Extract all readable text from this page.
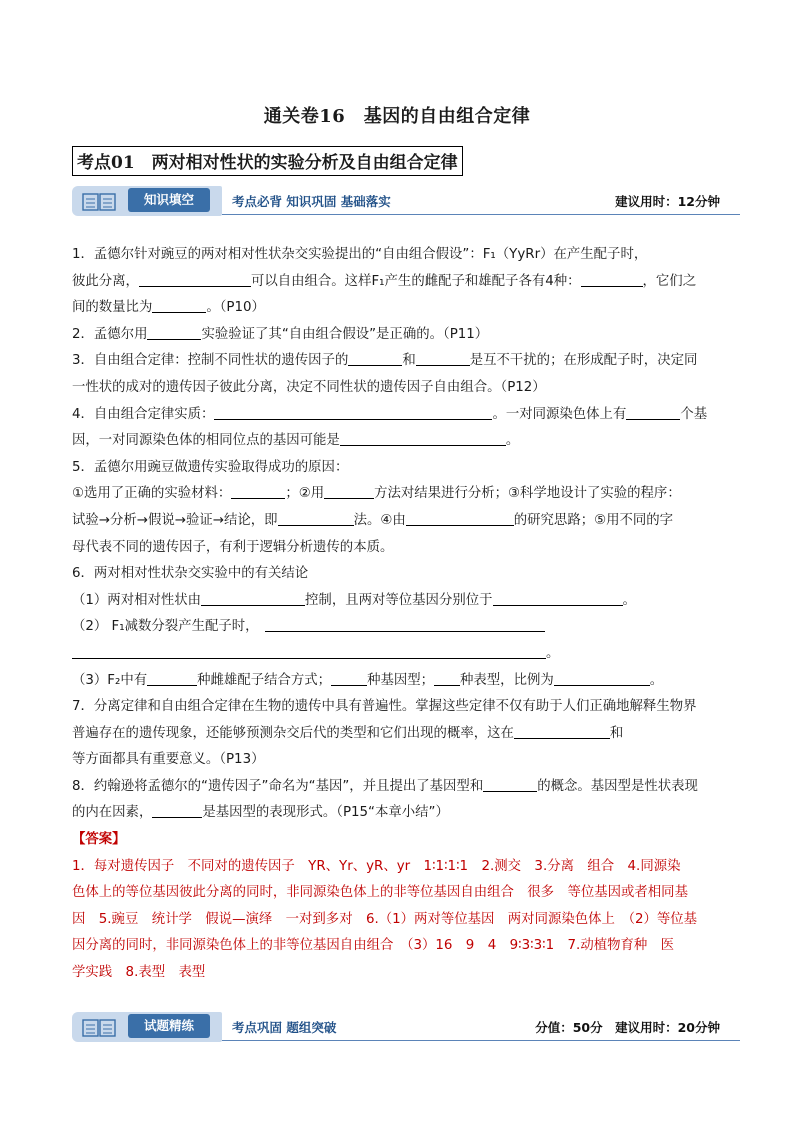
通关卷16　基因的自由组合定律
考点01　两对相对性状的实验分析及自由组合定律
知识填空	考点必背 知识巩固 基础落实	建议用时：12分钟

1．孟德尔针对豌豆的两对相对性状杂交实验提出的“自由组合假设”：F₁（YyRr）在产生配子时，

彼此分离，	可以自由组合。这样F₁产生的雌配子和雄配子各有4种：	，它们之

间的数量比为	。（P10）

2．孟德尔用	实验验证了其“自由组合假设”是正确的。（P11）

3．自由组合定律：控制不同性状的遗传因子的	和	是互不干扰的；在形成配子时，决定同

一性状的成对的遗传因子彼此分离，决定不同性状的遗传因子自由组合。（P12）

4．自由组合定律实质：	。一对同源染色体上有	个基

因，一对同源染色体的相同位点的基因可能是	。

5．孟德尔用豌豆做遗传实验取得成功的原因：

①选用了正确的实验材料：	；②用	方法对结果进行分析；③科学地设计了实验的程序：

试验→分析→假说→验证→结论，即	法。④由	的研究思路；⑤用不同的字

母代表不同的遗传因子，有利于逻辑分析遗传的本质。

6．两对相对性状杂交实验中的有关结论

（1）两对相对性状由	控制，且两对等位基因分别位于	。

（2） F₁减数分裂产生配子时，

。

（3）F₂中有	种雌雄配子结合方式；	种基因型； 种表型，比例为	。

7．分离定律和自由组合定律在生物的遗传中具有普遍性。掌握这些定律不仅有助于人们正确地解释生物界

普遍存在的遗传现象，还能够预测杂交后代的类型和它们出现的概率，这在	和

等方面都具有重要意义。（P13）

8．约翰逊将孟德尔的“遗传因子”命名为“基因”，并且提出了基因型和	的概念。基因型是性状表现

的内在因素，	是基因型的表现形式。（P15“本章小结”）

【答案】

1．每对遗传因子　不同对的遗传因子　YR、Yr、yR、yr　1∶1∶1∶1　2.测交　3.分离　组合　4.同源染

色体上的等位基因彼此分离的同时，非同源染色体上的非等位基因自由组合　很多　等位基因或者相同基

因　5.豌豆　统计学　假说—演绎　一对到多对　6.（1）两对等位基因　两对同源染色体上　（2）等位基

因分离的同时，非同源染色体上的非等位基因自由组合　（3）16　9　4　9∶3∶3∶1　7.动植物育种　医

学实践　8.表型　表型

试题精练	考点巩固 题组突破	分值：50分　建议用时：20分钟
